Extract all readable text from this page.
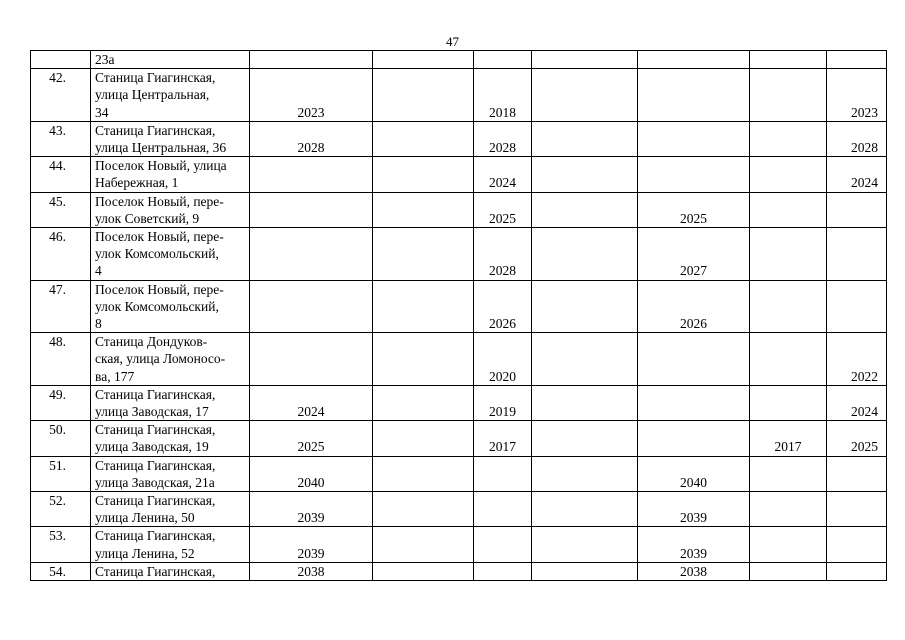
47

	23а							

42.	Станица Гиагинская,
улица Центральная,
34	2023		2018				2023
43.	Станица Гиагинская,
улица Центральная, 36	2028		2028				2028
44.	Поселок Новый, улица
Набережная, 1			2024				2024
45.	Поселок Новый, пере-
улок Советский, 9			2025		2025		
46.	Поселок Новый, пере-
улок Комсомольский,
4			2028		2027		
47.	Поселок Новый, пере-
улок Комсомольский,
8			2026		2026		
48.	Станица Дондуков-
ская, улица Ломоносо-
ва, 177			2020				2022
49.	Станица Гиагинская,
улица Заводская, 17	2024		2019				2024
50.	Станица Гиагинская,
улица Заводская, 19	2025		2017			2017	2025
51.	Станица Гиагинская,
улица Заводская, 21а	2040				2040		
52.	Станица Гиагинская,
улица Ленина, 50	2039				2039		
53.	Станица Гиагинская,
улица Ленина, 52	2039				2039		
54.	Станица Гиагинская,	2038				2038		
